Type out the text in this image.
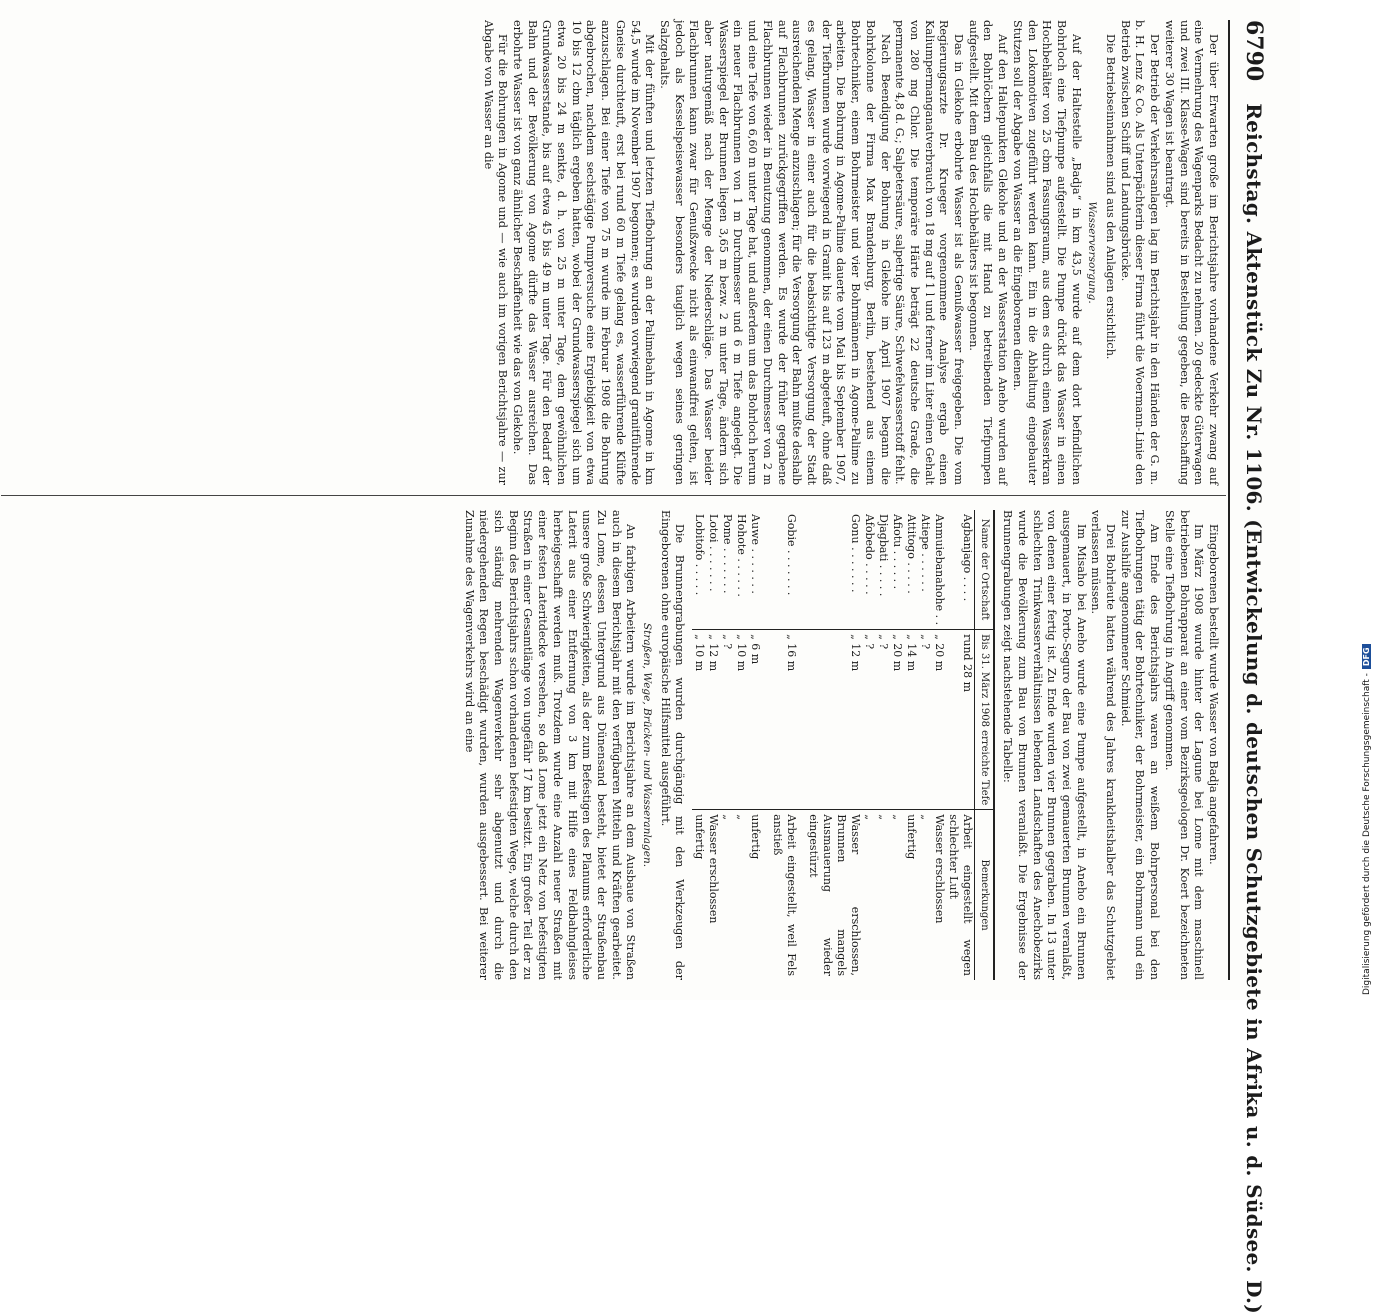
6790
Reichstag. Aktenstück Zu Nr. 1106. (Entwickelung d. deutschen Schutzgebiete in Afrika u. d. Südsee. D.)

Der über Erwarten große im Berichtsjahre vorhandene Verkehr zwang auf eine Vermehrung des Wagenparks Bedacht zu nehmen. 20 gedeckte Güterwagen und zwei III. Klasse-Wagen sind bereits in Bestellung gegeben, die Beschaffung weiterer 30 Wagen ist beantragt.

Der Betrieb der Verkehrsanlagen lag im Berichtsjahr in den Händen der G. m. b. H. Lenz & Co. Als Unterpächterin dieser Firma führt die Woermann-Linie den Betrieb zwischen Schiff und Landungsbrücke.

Die Betriebseinnahmen sind aus den Anlagen ersichtlich.

Wasserversorgung.

Auf der Haltestelle „Badja“ in km 43,5 wurde auf dem dort befindlichen Bohrloch eine Tiefpumpe aufgestellt. Die Pumpe drückt das Wasser in einen Hochbehälter von 25 cbm Fassungsraum, aus dem es durch einen Wasserkran den Lokomotiven zugeführt werden kann. Ein in die Abhaltung eingebauter Stutzen soll der Abgabe von Wasser an die Eingeborenen dienen.

Auf den Haltepunkten Glekohe und an der Wasserstation Aneho wurden auf den Bohrlöchern gleichfalls die mit Hand zu betreibenden Tiefpumpen aufgestellt. Mit dem Bau des Hochbehälters ist begonnen.

Das in Glekohe erbohrte Wasser ist als Genußwasser freigegeben. Die vom Regierungsarzte Dr. Krueger vorgenommene Analyse ergab einen Kaliumpermanganatverbrauch von 18 mg auf 1 l und ferner im Liter einen Gehalt von 280 mg Chlor. Die temporäre Härte beträgt 22 deutsche Grade, die permanente 4,8 d. G.; Salpetersäure, salpetrige Säure, Schwefelwasserstoff fehlt.

Nach Beendigung der Bohrung in Glekohe im April 1907 begann die Bohrkolonne der Firma Max Brandenburg, Berlin, bestehend aus einem Bohrtechniker, einem Bohrmeister und vier Bohrmännern in Agome-Palime zu arbeiten. Die Bohrung in Agome-Palime dauerte vom Mai bis September 1907, der Tiefbrunnen wurde vorwiegend in Granit bis auf 123 m abgeteuft, ohne daß es gelang, Wasser in einer auch für die beabsichtigte Versorgung der Stadt ausreichenden Menge anzuschlagen; für die Versorgung der Bahn mußte deshalb auf Flachbrunnen zurückgegriffen werden. Es wurde der früher gegrabene Flachbrunnen wieder in Benutzung genommen, der einen Durchmesser von 2 m und eine Tiefe von 6,60 m unter Tage hat, und außerdem um das Bohrloch herum ein neuer Flachbrunnen von 1 m Durchmesser und 6 m Tiefe angelegt. Die Wasserspiegel der Brunnen liegen 3,65 m bezw. 2 m unter Tage, ändern sich aber naturgemäß nach der Menge der Niederschläge. Das Wasser beider Flachbrunnen kann zwar für Genußzwecke nicht als einwandfrei gelten, ist jedoch als Kesselspeisewasser besonders tauglich wegen seines geringen Salzgehalts.

Mit der fünften und letzten Tiefbohrung an der Palimebahn in Agome in km 54,5 wurde im November 1907 begonnen; es wurden vorwiegend granitführende Gneise durchteuft, erst bei rund 60 m Tiefe gelang es, wasserführende Klüfte anzuschlagen. Bei einer Tiefe von 75 m wurde im Februar 1908 die Bohrung abgebrochen, nachdem sechstägige Pumpversuche eine Ergiebigkeit von etwa 10 bis 12 cbm täglich ergeben hatten, wobei der Grundwasserspiegel sich um etwa 20 bis 24 m senkte, d. h. von 25 m unter Tage, dem gewöhnlichen Grundwasserstande, bis auf etwa 45 bis 49 m unter Tage. Für den Bedarf der Bahn und der Bevölkerung von Agome dürfte das Wasser ausreichen. Das erbohrte Wasser ist von ganz ähnlicher Beschaffenheit wie das von Glekohe.

Für die Bohrungen in Agome und — wie auch im vorigen Berichtsjahre — zur Abgabe von Wasser an die

Eingeborenen bestellt wurde Wasser von Badja angefahren.

Im März 1908 wurde hinter der Lagune bei Lome mit dem maschinell betriebenen Bohrapparat an einer vom Bezirksgeologen Dr. Koert bezeichneten Stelle eine Tiefbohrung in Angriff genommen.

Am Ende des Berichtsjahrs waren an weißem Bohrpersonal bei den Tiefbohrungen tätig der Bohrtechniker, der Bohrmeister, ein Bohrmann und ein zur Aushilfe angenommener Schmied.

Drei Bohrleute hatten während des Jahres krankheitshalber das Schutzgebiet verlassen müssen.

Im Misaho bei Aneho wurde eine Pumpe aufgestellt, in Aneho ein Brunnen ausgemauert, in Porto-Seguro der Bau von zwei gemauerten Brunnen veranlaßt, von denen einer fertig ist. Zu Ende wurden vier Brunnen gegraben. In 13 unter schlechten Trinkwasserverhältnissen lebenden Landschaften des Anechobezirks wurde die Bevölkerung zum Bau von Brunnen veranlaßt. Die Ergebnisse der Brunnengrabungen zeigt nachstehende Tabelle:

Name der Ortschaft	Bis 31. März 1908 erreichte Tiefe	Bemerkungen
Agbanjago . . . .	rund 28 m	Arbeit eingestellt wegen schlechter Luft
Anmuiebanahohe . .	„ 20 m	Wasser erschlossen
Atiepe . . . . . .	„ ?	„
Attitogo . . . . .	„ 14 m	unfertig
Afiotu . . . . . .	„ 20 m	„
Djagbati . . . . .	„ ?	„
Afobedo . . . . .	„ ?	„
Gonu . . . . . . .	„ 12 m	Wasser erschlossen, Brunnen mangels Ausmauerung wieder eingestürzt
Gobie . . . . . . .	„ 16 m	Arbeit eingestellt, weil Fels anstieß
Auwe . . . . . . .	„ 6 m	unfertig
Hohote . . . . . .	„ 10 m	„
Pome . . . . . . .	„ ?	„
Lotoi . . . . . . .	„ 12 m	Wasser erschlossen
Lobitofo . . . . .	„ 10 m	unfertig

Die Brunnengrabungen wurden durchgängig mit den Werkzeugen der Eingeborenen ohne europäische Hilfsmittel ausgeführt.

Straßen, Wege, Brücken- und Wasseranlagen.

An farbigen Arbeitern wurde im Berichtsjahre an dem Ausbaue von Straßen auch in diesem Berichtsjahr mit den verfügbaren Mitteln und Kräften gearbeitet. Zu Lome, dessen Untergrund aus Dünensand besteht, bietet der Straßenbau unsere große Schwierigkeiten, als der zum Befestigen des Planums erforderliche Laterit aus einer Entfernung von 3 km mit Hilfe eines Feldbahngleises herbeigeschafft werden muß. Trotzdem wurde eine Anzahl neuer Straßen mit einer festen Lateritdecke versehen, so daß Lome jetzt ein Netz von befestigten Straßen in einer Gesamtlänge von ungefähr 17 km besitzt. Ein großer Teil der zu Beginn des Berichtsjahrs schon vorhandenen befestigten Wege, welche durch den sich ständig mehrenden Wagenverkehr sehr abgenutzt und durch die niedergehenden Regen beschädigt wurden, wurden ausgebessert. Bei weiterer Zunahme des Wagenverkehrs wird an eine

Digitalisierung gefördert durch die Deutsche Forschungsgemeinschaft -DFG
